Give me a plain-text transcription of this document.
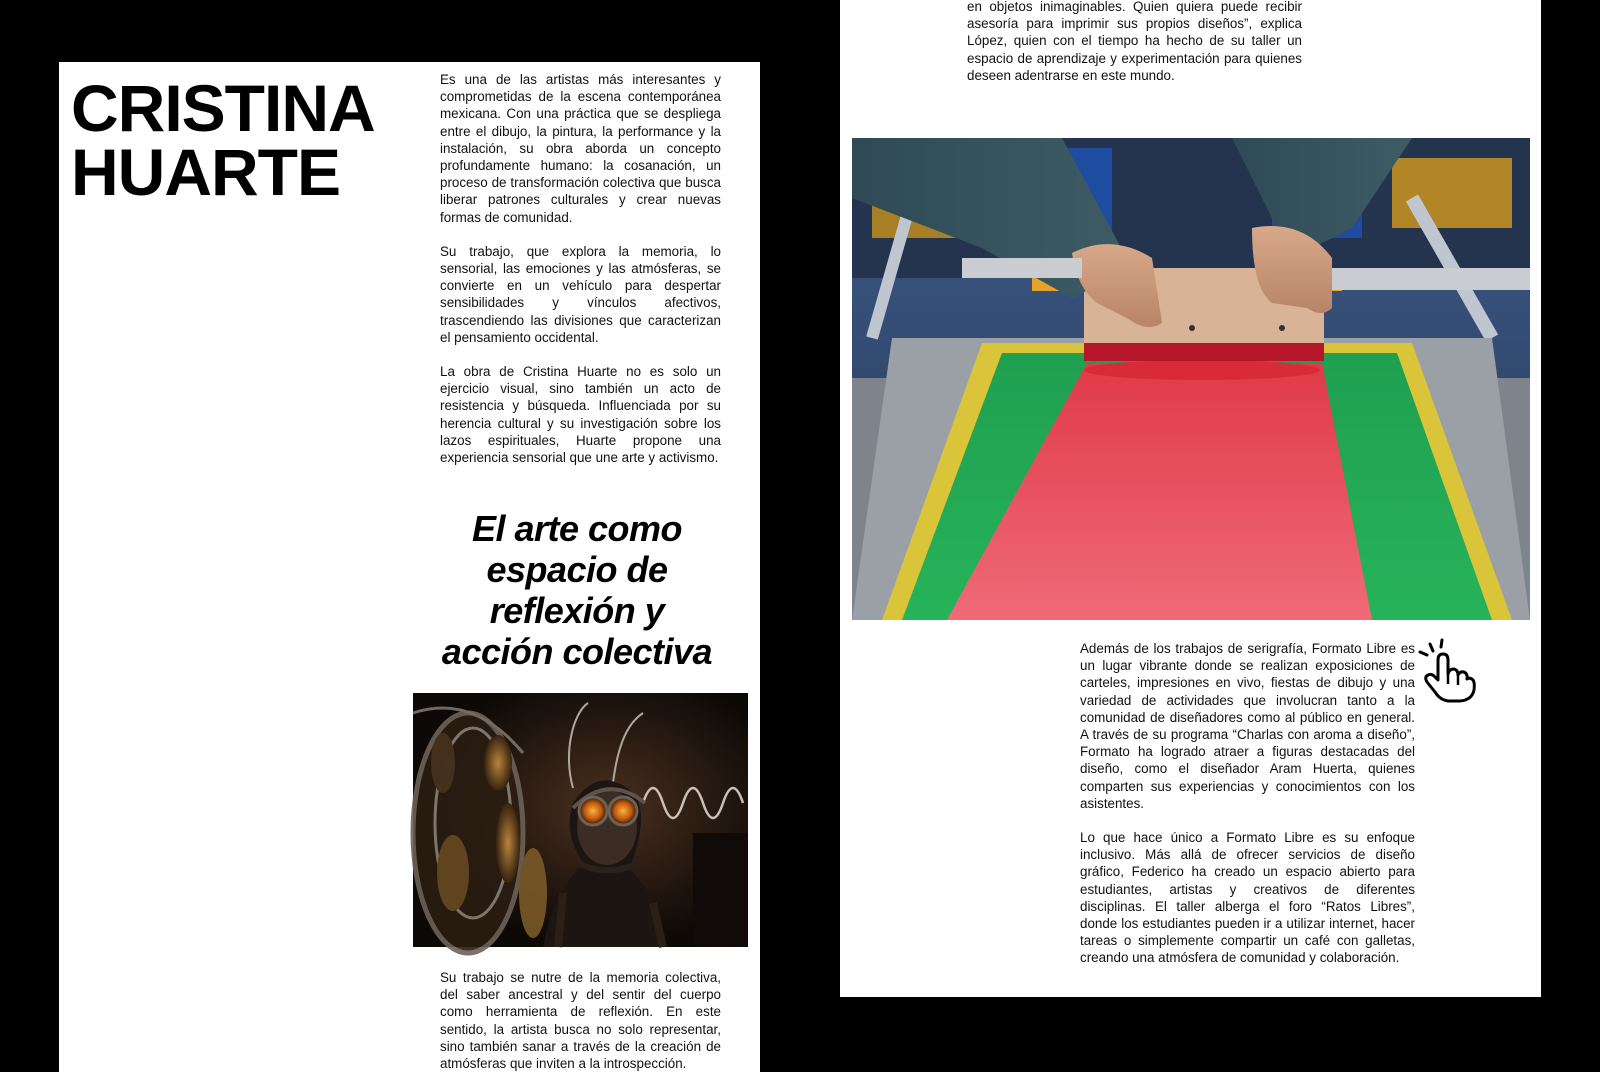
CRISTINA
HUARTE

Es una de las artistas más interesantes y comprometidas de la escena contemporánea mexicana. Con una práctica que se despliega entre el dibujo, la pintura, la performance y la instalación, su obra aborda un concepto profundamente humano: la cosanación, un proceso de transformación colectiva que busca liberar patrones culturales y crear nuevas formas de comunidad.

Su trabajo, que explora la memoria, lo sensorial, las emociones y las atmósferas, se convierte en un vehículo para despertar sensibilidades y vínculos afectivos, trascendiendo las divisiones que caracterizan el pensamiento occidental.

La obra de Cristina Huarte no es solo un ejercicio visual, sino también un acto de resistencia y búsqueda. Influenciada por su herencia cultural y su investigación sobre los lazos espirituales, Huarte propone una experiencia sensorial que une arte y activismo.

El arte como
espacio de
reflexión y
acción colectiva

Su trabajo se nutre de la memoria colectiva, del saber ancestral y del sentir del cuerpo como herramienta de reflexión. En este sentido, la artista busca no solo representar, sino también sanar a través de la creación de atmósferas que inviten a la introspección.

en objetos inimaginables. Quien quiera puede recibir asesoría para imprimir sus propios diseños”, explica López, quien con el tiempo ha hecho de su taller un espacio de aprendizaje y experimentación para quienes deseen adentrarse en este mundo.

Además de los trabajos de serigrafía, Formato Libre es un lugar vibrante donde se realizan exposiciones de carteles, impresiones en vivo, fiestas de dibujo y una variedad de actividades que involucran tanto a la comunidad de diseñadores como al público en general. A través de su programa “Charlas con aroma a diseño”, Formato ha logrado atraer a figuras destacadas del diseño, como el diseñador Aram Huerta, quienes comparten sus experiencias y conocimientos con los asistentes.

Lo que hace único a Formato Libre es su enfoque inclusivo. Más allá de ofrecer servicios de diseño gráfico, Federico ha creado un espacio abierto para estudiantes, artistas y creativos de diferentes disciplinas. El taller alberga el foro “Ratos Libres”, donde los estudiantes pueden ir a utilizar internet, hacer tareas o simplemente compartir un café con galletas, creando una atmósfera de comunidad y colaboración.
